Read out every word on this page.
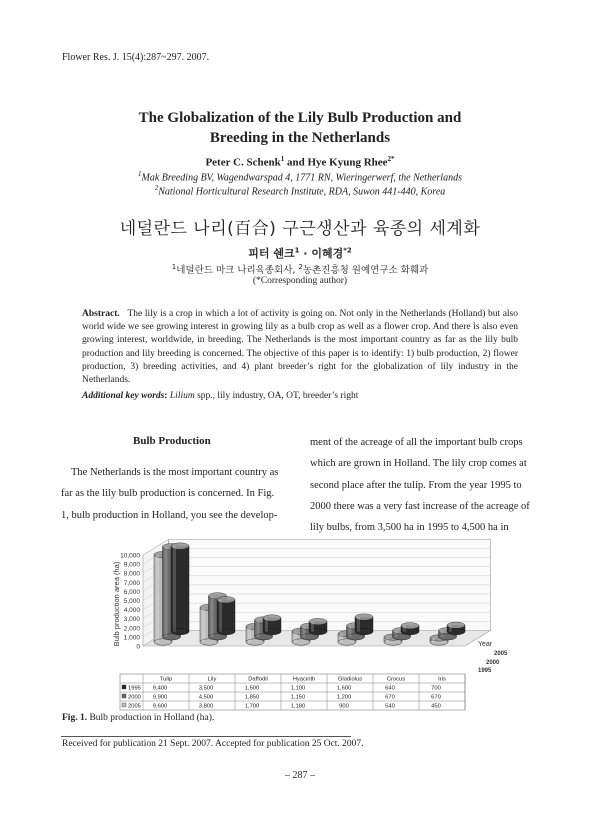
Flower Res. J. 15(4):287~297. 2007.
The Globalization of the Lily Bulb Production and
Breeding in the Netherlands
Peter C. Schenk$^1$ and Hye Kyung Rhee$^{2*}$
$^1$Mak Breeding BV, Wagendwarspad 4, 1771 RN, Wieringerwerf, the Netherlands
$^2$National Horticultural Research Institute, RDA, Suwon 441-440, Korea
네덜란드 나리(百合) 구근생산과 육종의 세계화
피터 쉔크$^1$ · 이혜경$^{*2}$
$^1$네덜란드 마크 나리육종회사, $^2$농촌진흥청 원예연구소 화훼과
(*Corresponding author)
Abstract. The lily is a crop in which a lot of activity is going on. Not only in the Netherlands (Holland) but also world wide we see growing interest in growing lily as a bulb crop as well as a flower crop. And there is also even growing interest, worldwide, in breeding. The Netherlands is the most important country as far as the lily bulb production and lily breeding is concerned. The objective of this paper is to identify: 1) bulb production, 2) flower production, 3) breeding activities, and 4) plant breeder’s right for the globalization of lily industry in the Netherlands.
Additional key words: Lilium spp., lily industry, OA, OT, breeder’s right
Bulb Production
The Netherlands is the most important country as
far as the lily bulb production is concerned. In Fig.
1, bulb production in Holland, you see the develop-
ment of the acreage of all the important bulb crops
which are grown in Holland. The lily crop comes at
second place after the tulip. From the year 1995 to
2000 there was a very fast increase of the acreage of
lily bulbs, from 3,500 ha in 1995 to 4,500 ha in
0
1,000
2,000
3,000
4,000
5,000
6,000
7,000
8,000
9,000
10,000
Year
2005
2000
1995
Tulip	Lily	Daffodil	Hyacinth	Gladiolus	Crocus	Iris
1995 9,400	3,500	1,500	1,100	1,600	640	700
2000 9,900	4,500	1,850	1,150	1,200	670	670
2005 9,600	3,800	1,700	1,180	900	540	450
Bulb production area (ha)
Fig. 1. Bulb production in Holland (ha).
Received for publication 21 Sept. 2007. Accepted for publication 25 Oct. 2007.
– 287 –
